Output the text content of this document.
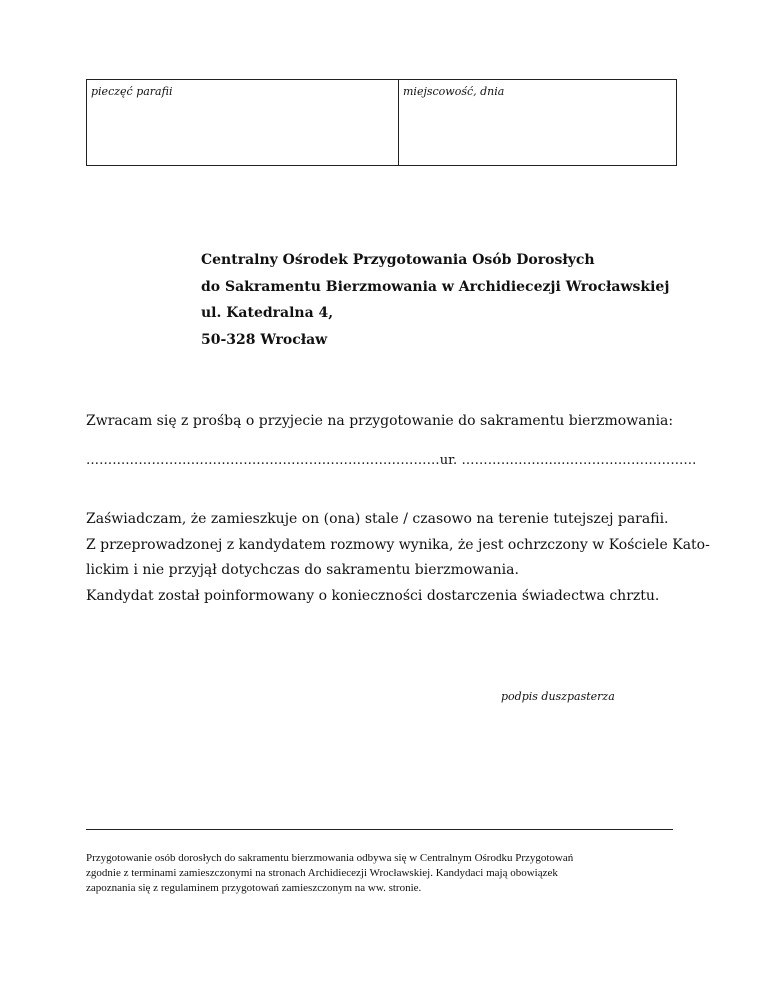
pieczęć parafii	miejscowość, dnia
Centralny Ośrodek Przygotowania Osób Dorosłych
do Sakramentu Bierzmowania w Archidiecezji Wrocławskiej
ul. Katedralna 4,
50-328 Wrocław
Zwracam się z prośbą o przyjecie na przygotowanie do sakramentu bierzmowania:
………………………………………………………………………ur. ………………......…………………………
Zaświadczam, że zamieszkuje on (ona) stale / czasowo na terenie tutejszej parafii.
Z przeprowadzonej z kandydatem rozmowy wynika, że jest ochrzczony w Kościele Kato-
lickim i nie przyjął dotychczas do sakramentu bierzmowania.
Kandydat został poinformowany o konieczności dostarczenia świadectwa chrztu.
podpis duszpasterza
Przygotowanie osób dorosłych do sakramentu bierzmowania odbywa się w Centralnym Ośrodku Przygotowań
zgodnie z terminami zamieszczonymi na stronach Archidiecezji Wrocławskiej. Kandydaci mają obowiązek
zapoznania się z regulaminem przygotowań zamieszczonym na ww. stronie.
